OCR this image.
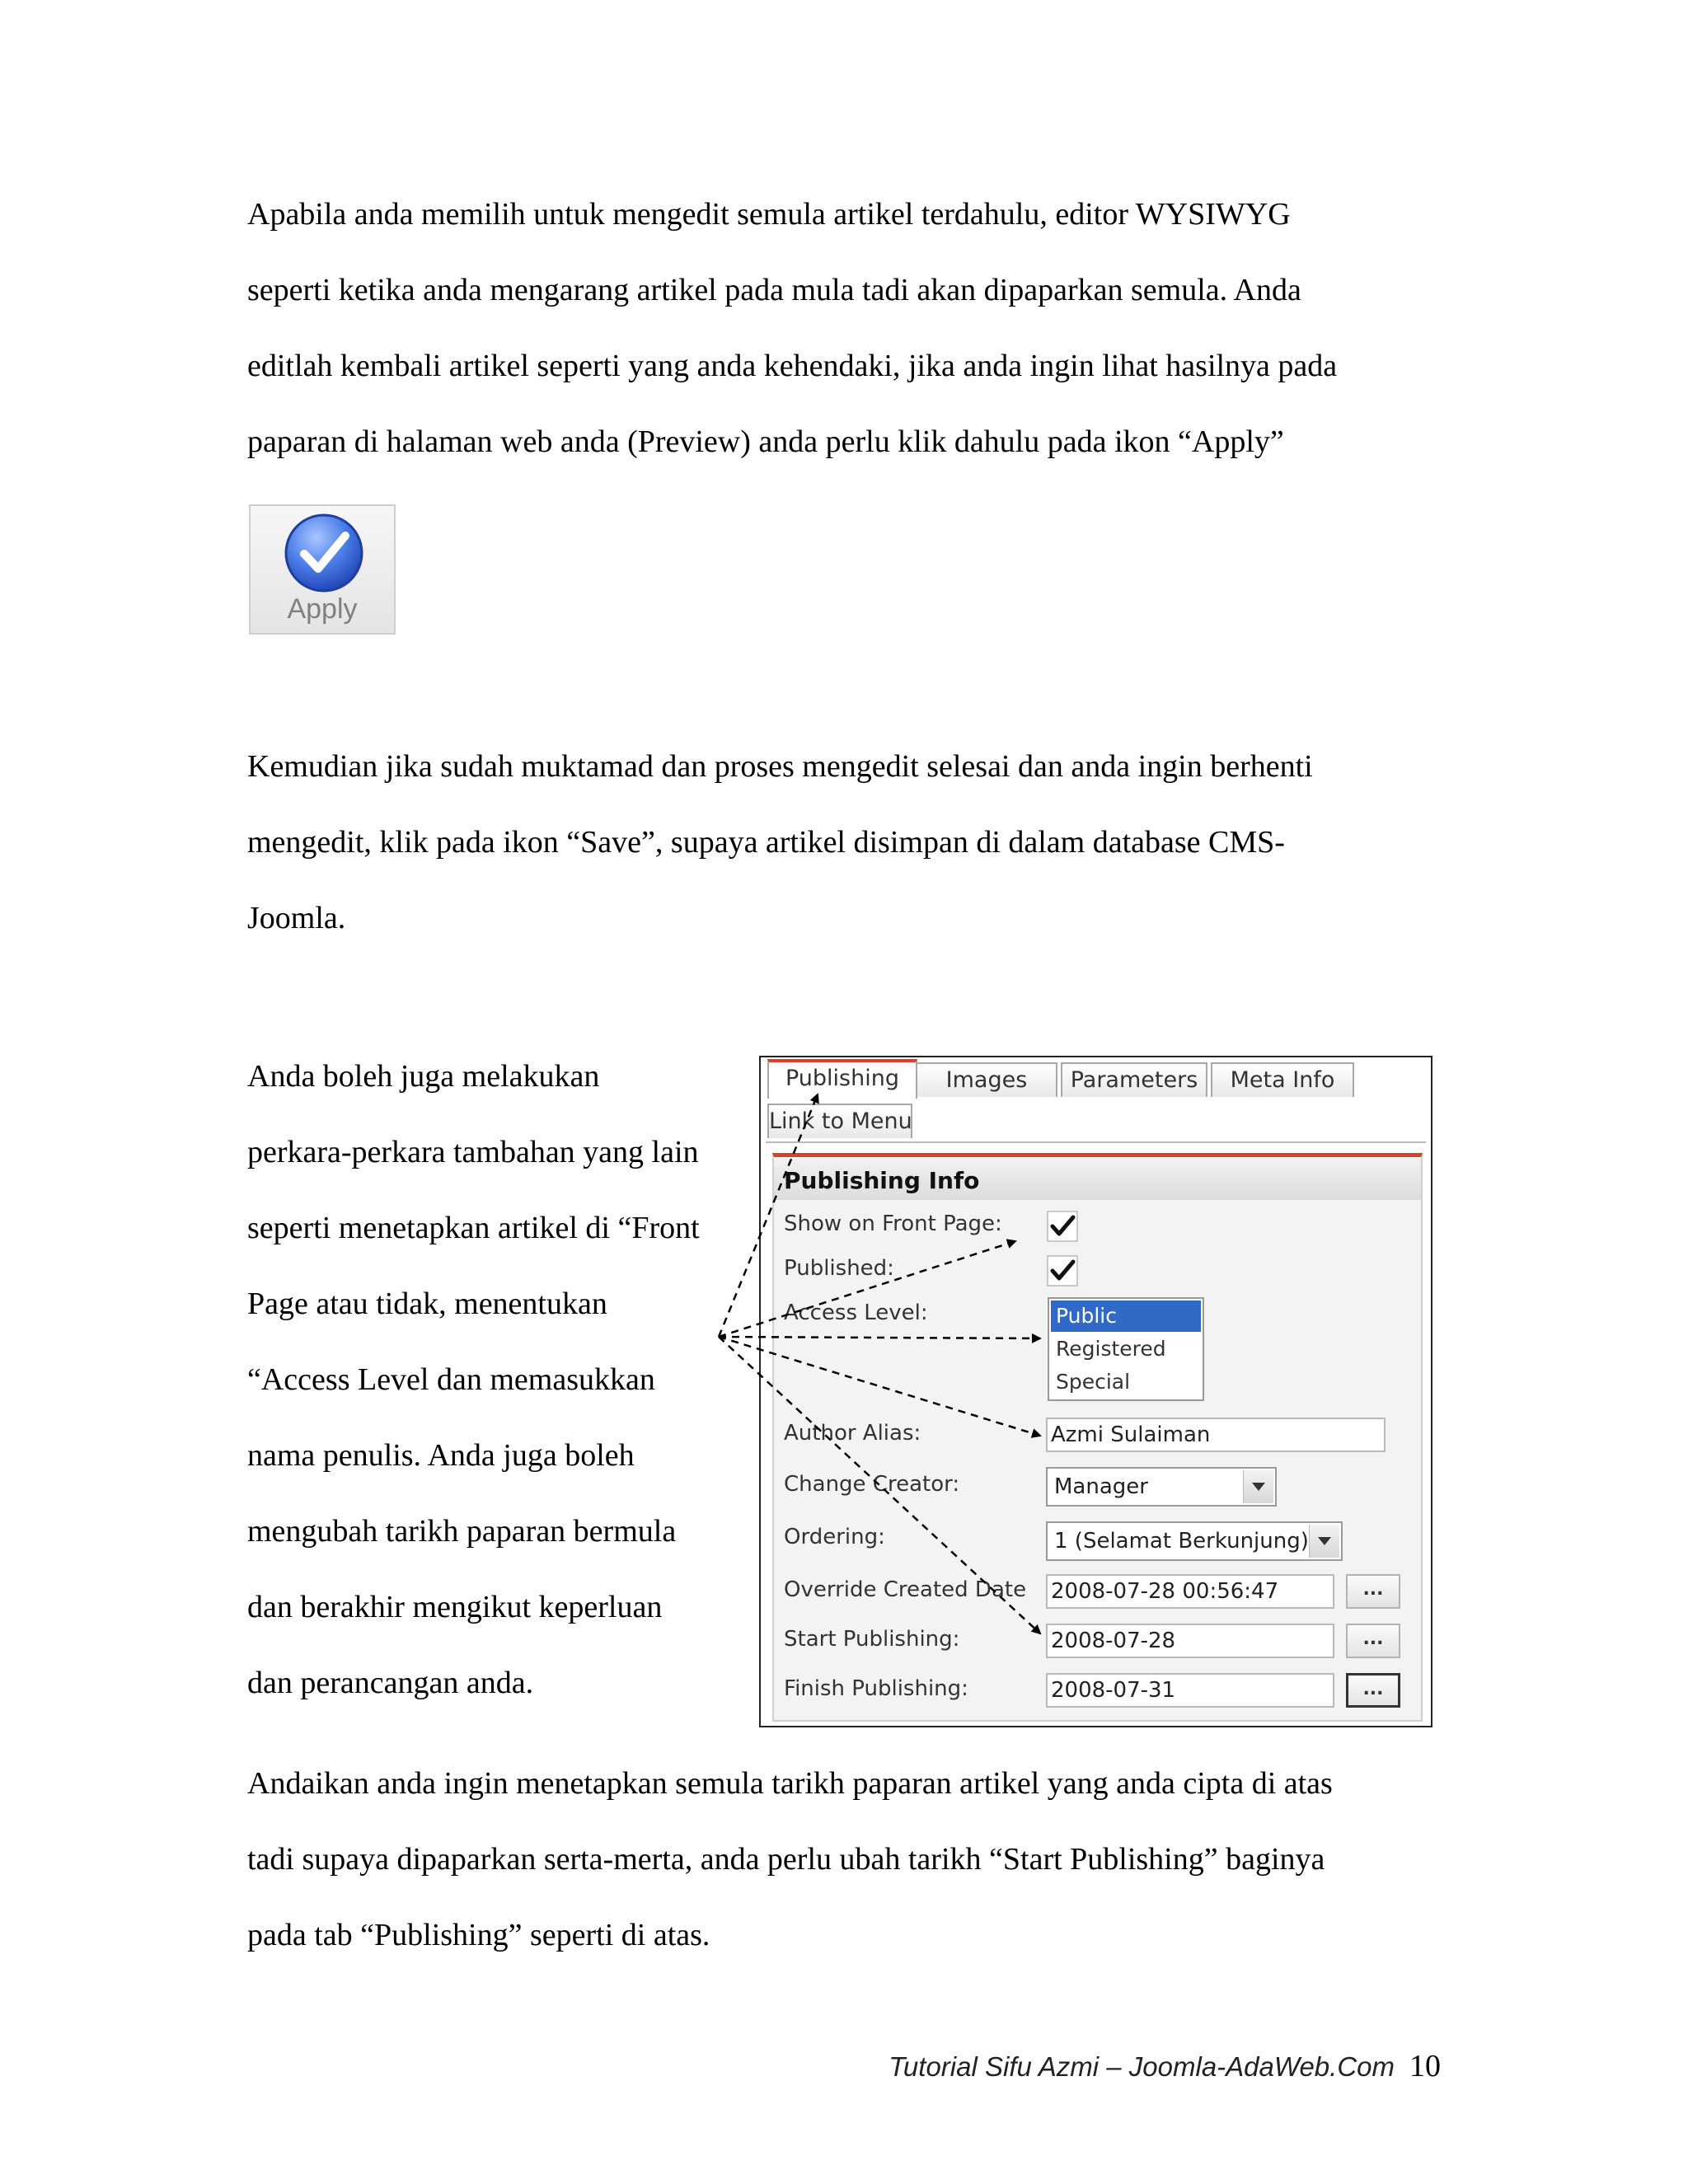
Apabila anda memilih untuk mengedit semula artikel terdahulu, editor WYSIWYG
seperti ketika anda mengarang artikel pada mula tadi akan dipaparkan semula. Anda
editlah kembali artikel seperti yang anda kehendaki, jika anda ingin lihat hasilnya pada
paparan di halaman web anda (Preview) anda perlu klik dahulu pada ikon “Apply”
Apply
Kemudian jika sudah muktamad dan proses mengedit selesai dan anda ingin berhenti
mengedit, klik pada ikon “Save”, supaya artikel disimpan di dalam database CMS-
Joomla.
Anda boleh juga melakukan
perkara-perkara tambahan yang lain
seperti menetapkan artikel di “Front
Page atau tidak, menentukan
“Access Level dan memasukkan
nama penulis. Anda juga boleh
mengubah tarikh paparan bermula
dan berakhir mengikut keperluan
dan perancangan anda.
Publishing	Images	Parameters	Meta Info
Link to Menu
Publishing Info
Show on Front Page:
Published:
Access Level:	Public
Registered
Special
Author Alias:	Azmi Sulaiman
Change Creator:	Manager
Ordering:	1 (Selamat Berkunjung)
Override Created Date 2008-07-28 00:56:47	...
Start Publishing:	2008-07-28	...
Finish Publishing:	2008-07-31	...
Andaikan anda ingin menetapkan semula tarikh paparan artikel yang anda cipta di atas
tadi supaya dipaparkan serta-merta, anda perlu ubah tarikh “Start Publishing” baginya
pada tab “Publishing” seperti di atas.
Tutorial Sifu Azmi – Joomla-AdaWeb.Com 10
